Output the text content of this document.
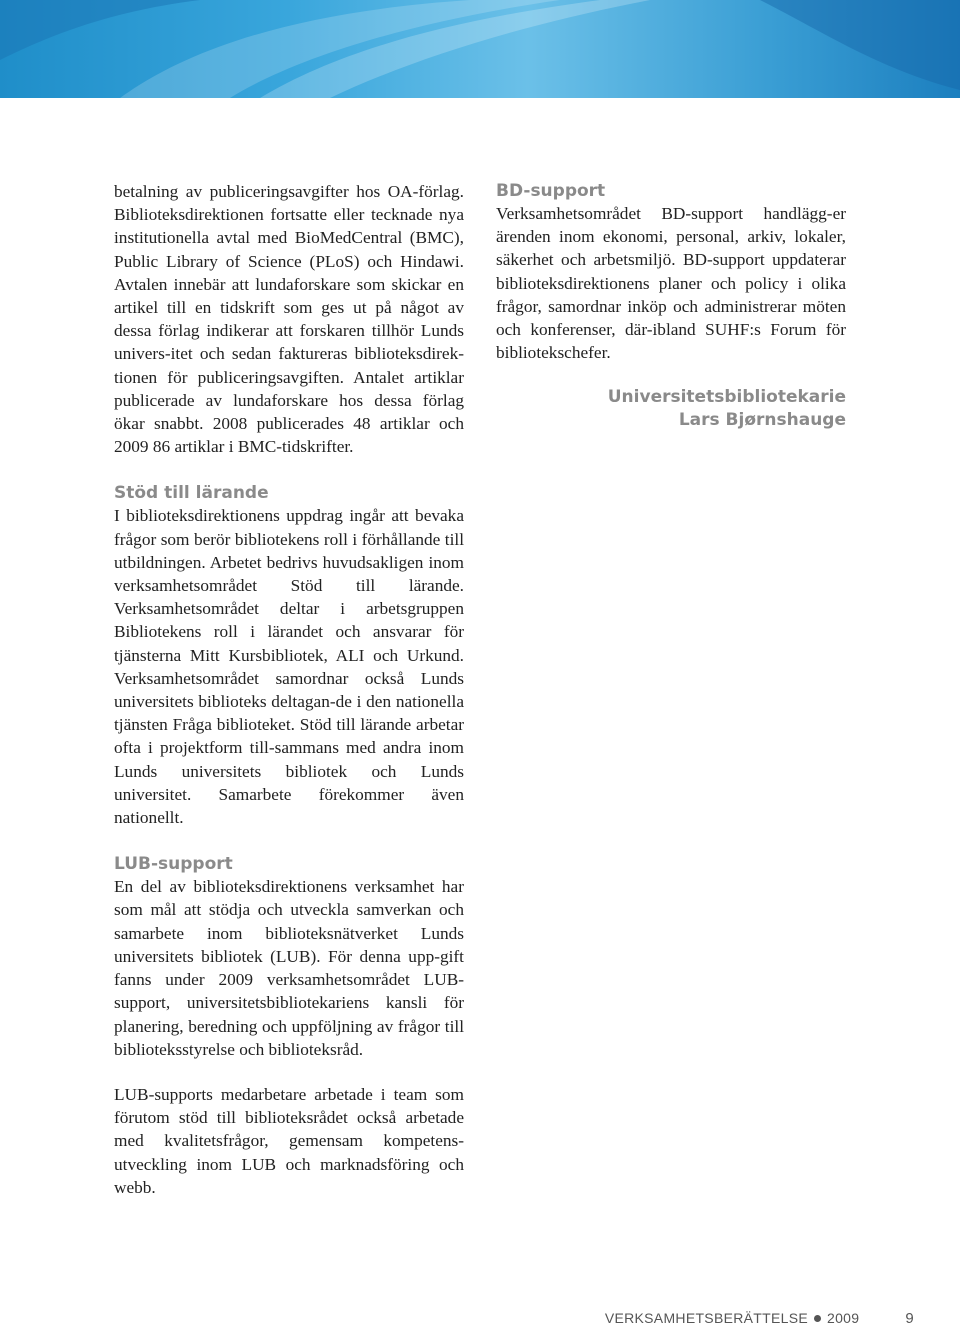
betalning av publiceringsavgifter hos OA-förlag. Biblioteksdirektionen fortsatte eller tecknade nya institutionella avtal med BioMedCentral (BMC), Public Library of Science (PLoS) och Hindawi. Avtalen innebär att lundaforskare som skickar en artikel till en tidskrift som ges ut på något av dessa förlag indikerar att forskaren tillhör Lunds univers-itet och sedan faktureras biblioteksdirek-tionen för publiceringsavgiften. Antalet artiklar publicerade av lundaforskare hos dessa förlag ökar snabbt. 2008 publicerades 48 artiklar och 2009 86 artiklar i BMC-tidskrifter.

Stöd till lärande

I biblioteksdirektionens uppdrag ingår att bevaka frågor som berör bibliotekens roll i förhållande till utbildningen. Arbetet bedrivs huvudsakligen inom verksamhetsområdet Stöd till lärande. Verksamhetsområdet deltar i arbetsgruppen Bibliotekens roll i lärandet och ansvarar för tjänsterna Mitt Kursbibliotek, ALI och Urkund. Verksamhetsområdet samordnar också Lunds universitets biblioteks deltagan-de i den nationella tjänsten Fråga biblioteket. Stöd till lärande arbetar ofta i projektform till-sammans med andra inom Lunds universitets bibliotek och Lunds universitet. Samarbete förekommer även nationellt.

LUB-support

En del av biblioteksdirektionens verksamhet har som mål att stödja och utveckla samverkan och samarbete inom biblioteksnätverket Lunds universitets bibliotek (LUB). För denna upp-gift fanns under 2009 verksamhetsområdet LUB-support, universitetsbibliotekariens kansli för planering, beredning och uppföljning av frågor till biblioteksstyrelse och biblioteksråd.

LUB-supports medarbetare arbetade i team som förutom stöd till biblioteksrådet också arbetade med kvalitetsfrågor, gemensam kompetens-utveckling inom LUB och marknadsföring och webb.

BD-support

Verksamhetsområdet BD-support handlägg-er ärenden inom ekonomi, personal, arkiv, lokaler, säkerhet och arbetsmiljö. BD-support uppdaterar biblioteksdirektionens planer och policy i olika frågor, samordnar inköp och administrerar möten och konferenser, där-ibland SUHF:s Forum för bibliotekschefer.

Universitetsbibliotekarie
Lars Bjørnshauge
VERKSAMHETSBERÄTTELSE 2009	9
